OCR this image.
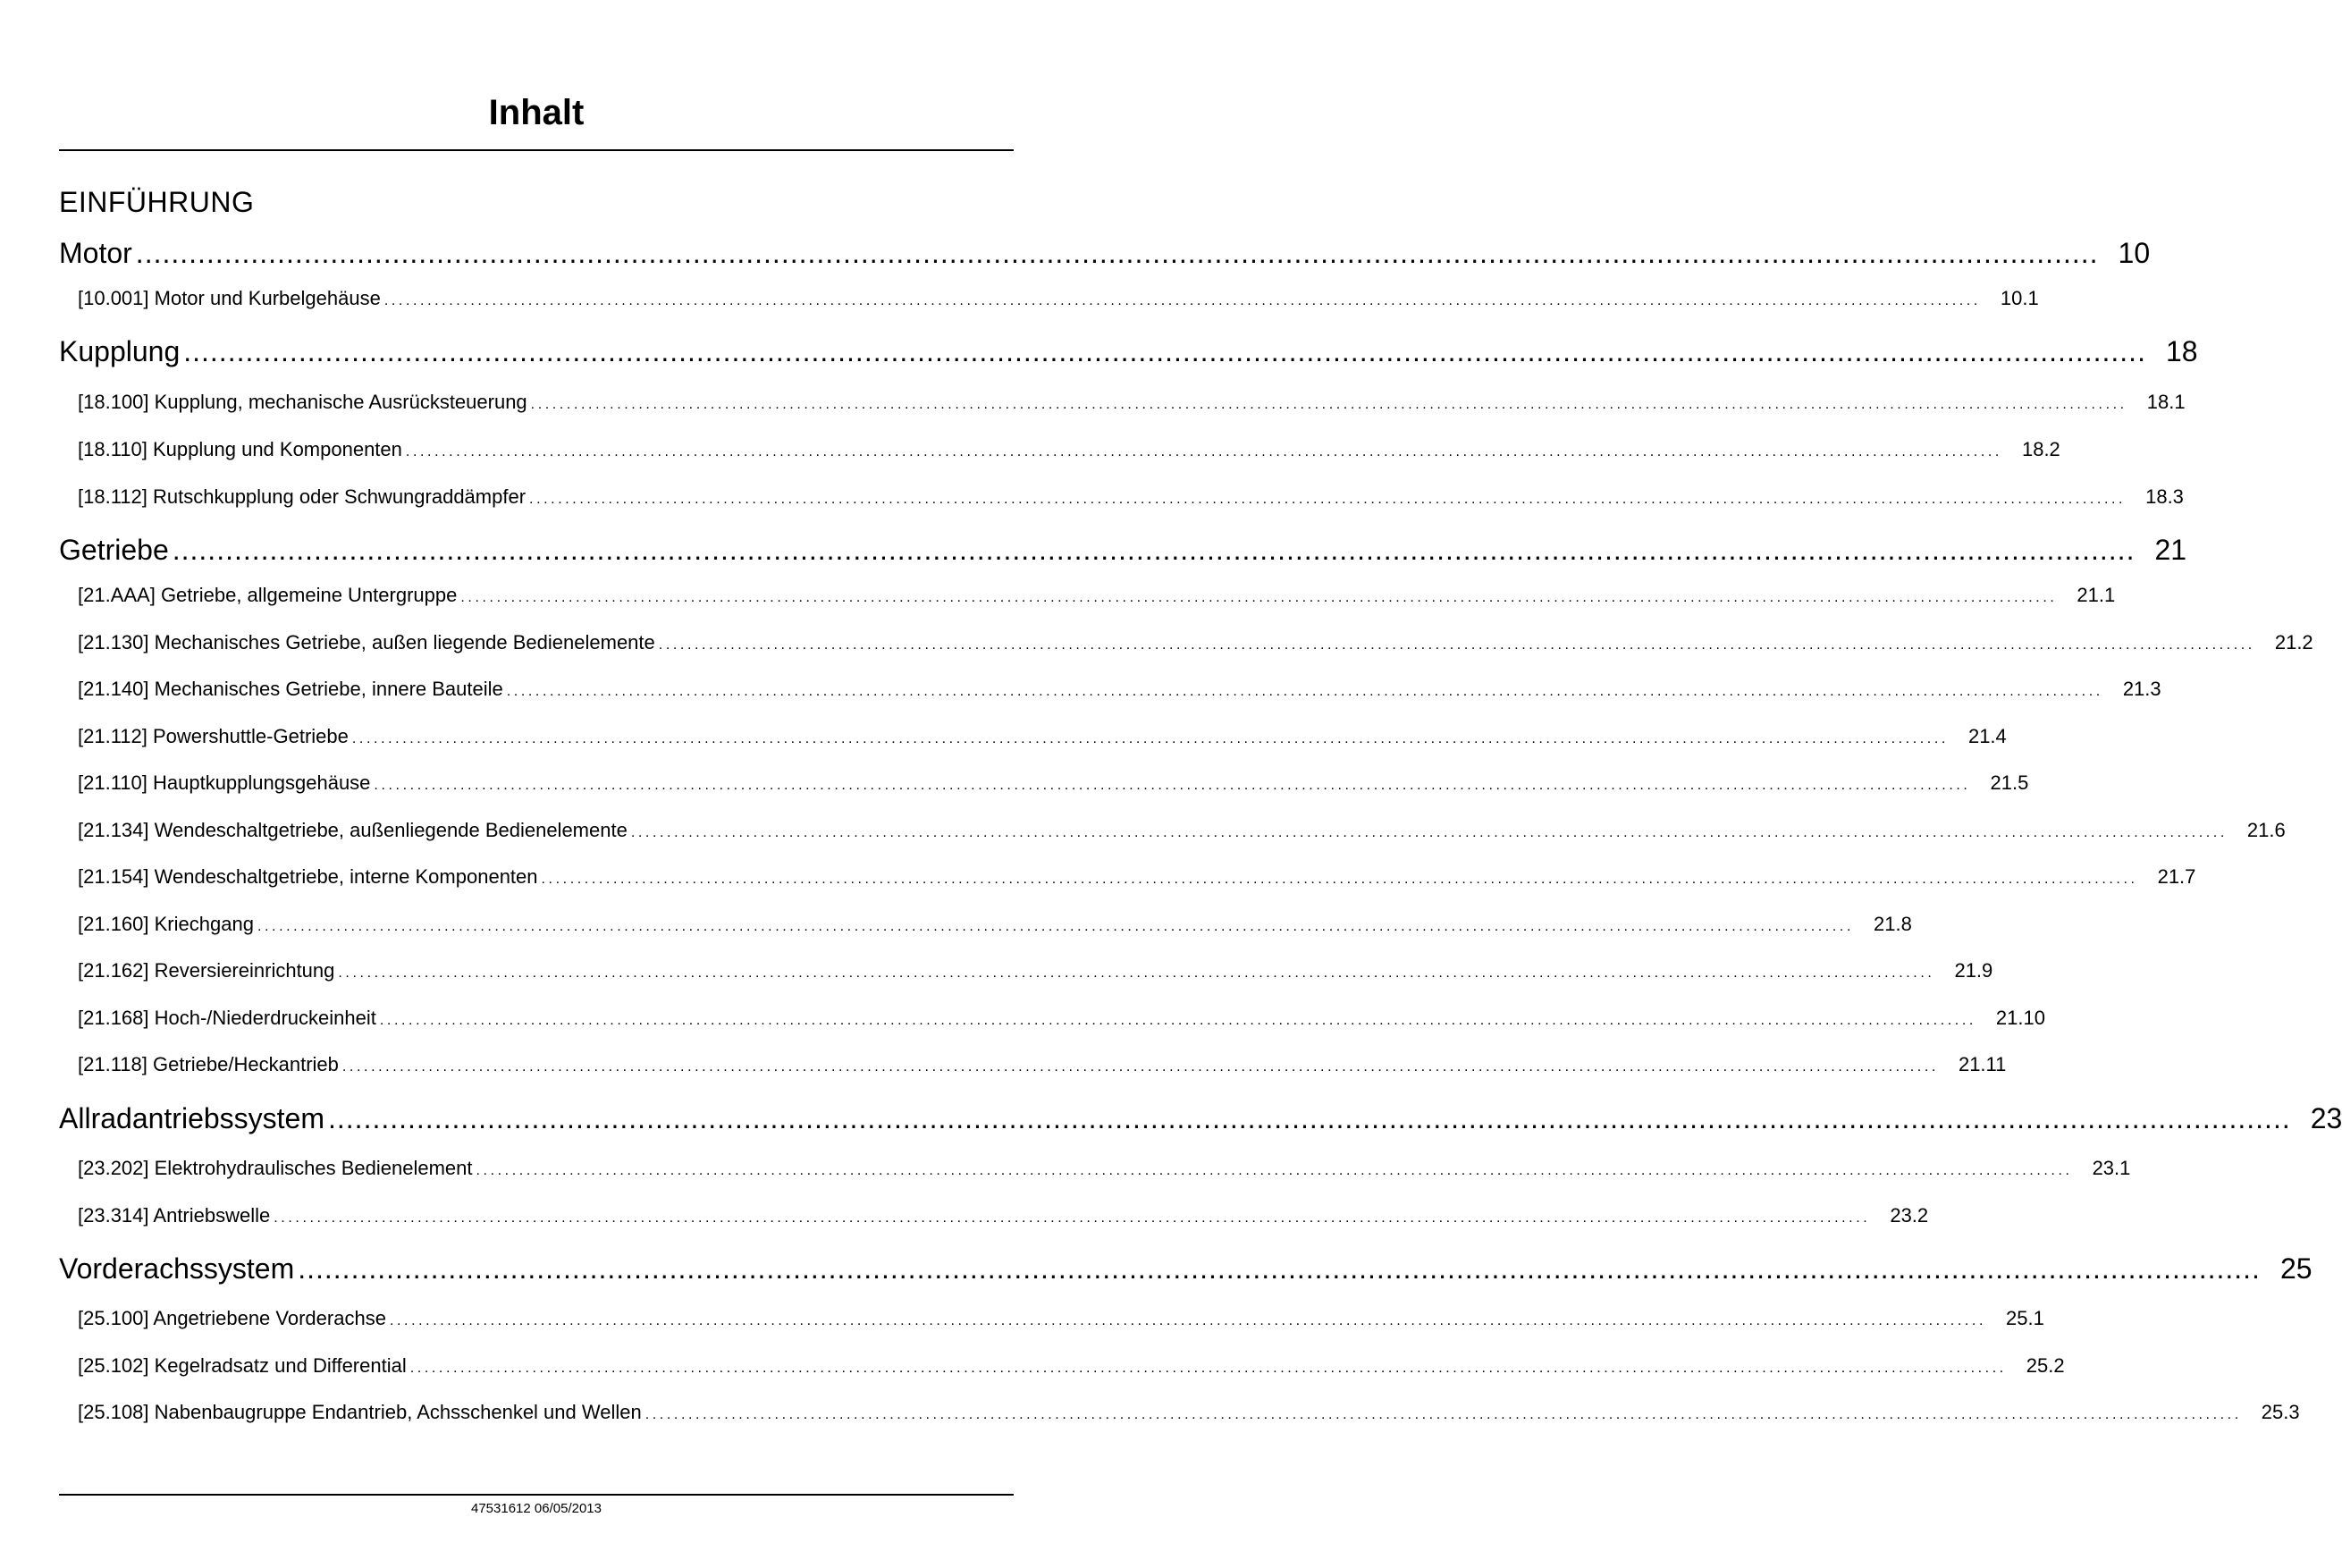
Inhalt
EINFÜHRUNG
Motor .............................................................................................................................................................................................................................. 10
[10.001] Motor und Kurbelgehäuse .............................................................................................................................................................................................................................. 10.1
Kupplung .............................................................................................................................................................................................................................. 18
[18.100] Kupplung, mechanische Ausrücksteuerung .............................................................................................................................................................................................................................. 18.1
[18.110] Kupplung und Komponenten .............................................................................................................................................................................................................................. 18.2
[18.112] Rutschkupplung oder Schwungraddämpfer .............................................................................................................................................................................................................................. 18.3
Getriebe .............................................................................................................................................................................................................................. 21
[21.AAA] Getriebe, allgemeine Untergruppe .............................................................................................................................................................................................................................. 21.1
[21.130] Mechanisches Getriebe, außen liegende Bedienelemente .............................................................................................................................................................................................................................. 21.2
[21.140] Mechanisches Getriebe, innere Bauteile .............................................................................................................................................................................................................................. 21.3
[21.112] Powershuttle-Getriebe .............................................................................................................................................................................................................................. 21.4
[21.110] Hauptkupplungsgehäuse .............................................................................................................................................................................................................................. 21.5
[21.134] Wendeschaltgetriebe, außenliegende Bedienelemente .............................................................................................................................................................................................................................. 21.6
[21.154] Wendeschaltgetriebe, interne Komponenten .............................................................................................................................................................................................................................. 21.7
[21.160] Kriechgang .............................................................................................................................................................................................................................. 21.8
[21.162] Reversiereinrichtung .............................................................................................................................................................................................................................. 21.9
[21.168] Hoch-/Niederdruckeinheit .............................................................................................................................................................................................................................. 21.10
[21.118] Getriebe/Heckantrieb .............................................................................................................................................................................................................................. 21.11
Allradantriebssystem .............................................................................................................................................................................................................................. 23
[23.202] Elektrohydraulisches Bedienelement .............................................................................................................................................................................................................................. 23.1
[23.314] Antriebswelle .............................................................................................................................................................................................................................. 23.2
Vorderachssystem .............................................................................................................................................................................................................................. 25
[25.100] Angetriebene Vorderachse .............................................................................................................................................................................................................................. 25.1
[25.102] Kegelradsatz und Differential .............................................................................................................................................................................................................................. 25.2
[25.108] Nabenbaugruppe Endantrieb, Achsschenkel und Wellen .............................................................................................................................................................................................................................. 25.3
47531612 06/05/2013
